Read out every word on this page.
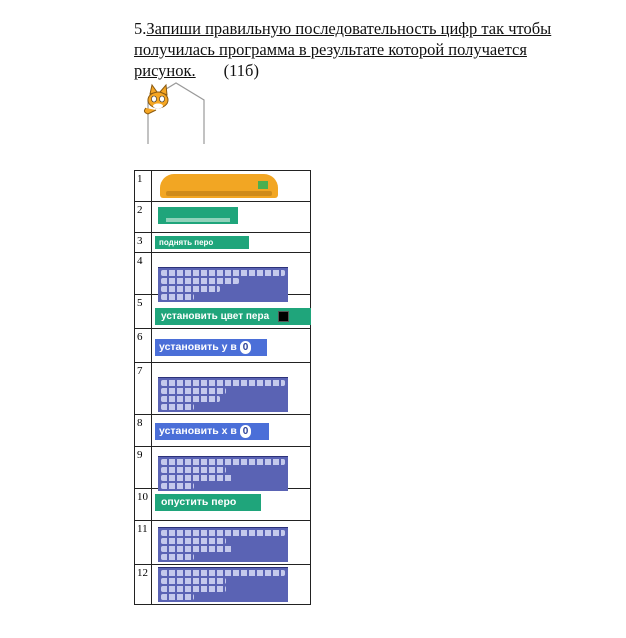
5.Запиши правильную последовательность цифр так чтобы
получилась программа в результате которой получается
рисунок. (11б)
1	

2	

3	поднять перо

4	

5	установить цвет пера

6	установить у в 0

7	

8	установить х в 0

9	

10	опустить перо

11	

12	
